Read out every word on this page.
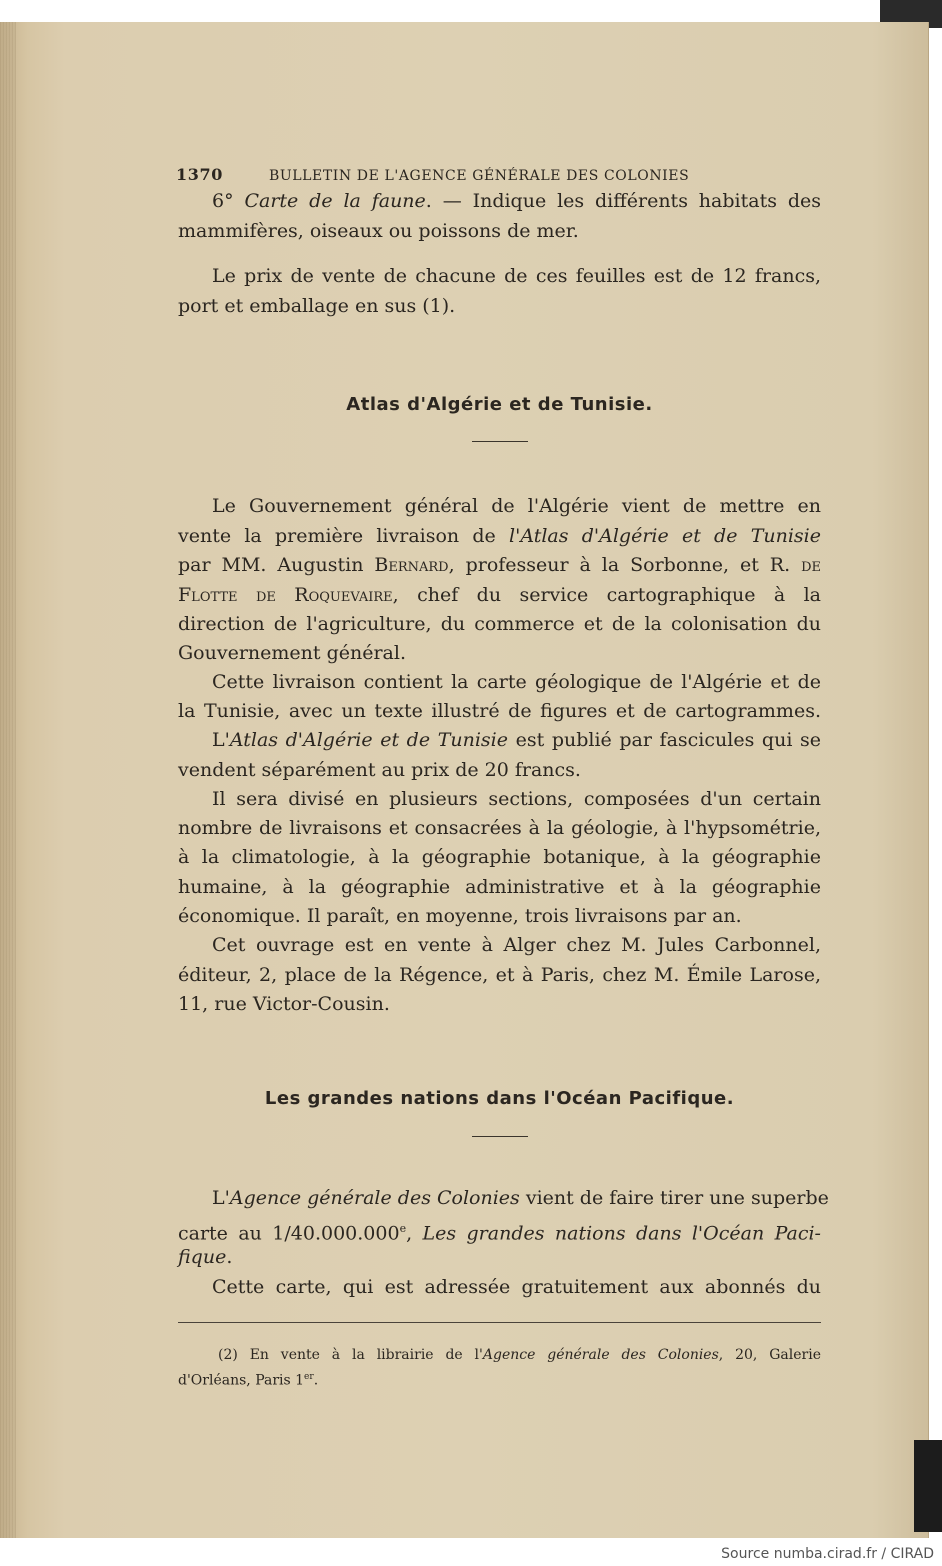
1370	BULLETIN DE L'AGENCE GÉNÉRALE DES COLONIES
6° Carte de la faune. — Indique les différents habitats des
mammifères, oiseaux ou poissons de mer.
Le prix de vente de chacune de ces feuilles est de 12 francs,
port et emballage en sus (1).
Atlas d'Algérie et de Tunisie.
Le Gouvernement général de l'Algérie vient de mettre en
vente la première livraison de l'Atlas d'Algérie et de Tunisie
par MM. Augustin Bernard, professeur à la Sorbonne, et R. de
Flotte de Roquevaire, chef du service cartographique à la
direction de l'agriculture, du commerce et de la colonisation du
Gouvernement général.
Cette livraison contient la carte géologique de l'Algérie et de
la Tunisie, avec un texte illustré de figures et de cartogrammes.
L'Atlas d'Algérie et de Tunisie est publié par fascicules qui se
vendent séparément au prix de 20 francs.
Il sera divisé en plusieurs sections, composées d'un certain
nombre de livraisons et consacrées à la géologie, à l'hypsométrie,
à la climatologie, à la géographie botanique, à la géographie
humaine, à la géographie administrative et à la géographie
économique. Il paraît, en moyenne, trois livraisons par an.
Cet ouvrage est en vente à Alger chez M. Jules Carbonnel,
éditeur, 2, place de la Régence, et à Paris, chez M. Émile Larose,
11, rue Victor-Cousin.
Les grandes nations dans l'Océan Pacifique.
L'Agence générale des Colonies vient de faire tirer une superbe
carte au 1/40.000.000e, Les grandes nations dans l'Océan Paci-
fique.
Cette carte, qui est adressée gratuitement aux abonnés du
(2) En vente à la librairie de l'Agence générale des Colonies, 20, Galerie
d'Orléans, Paris 1er.
Source numba.cirad.fr / CIRAD
